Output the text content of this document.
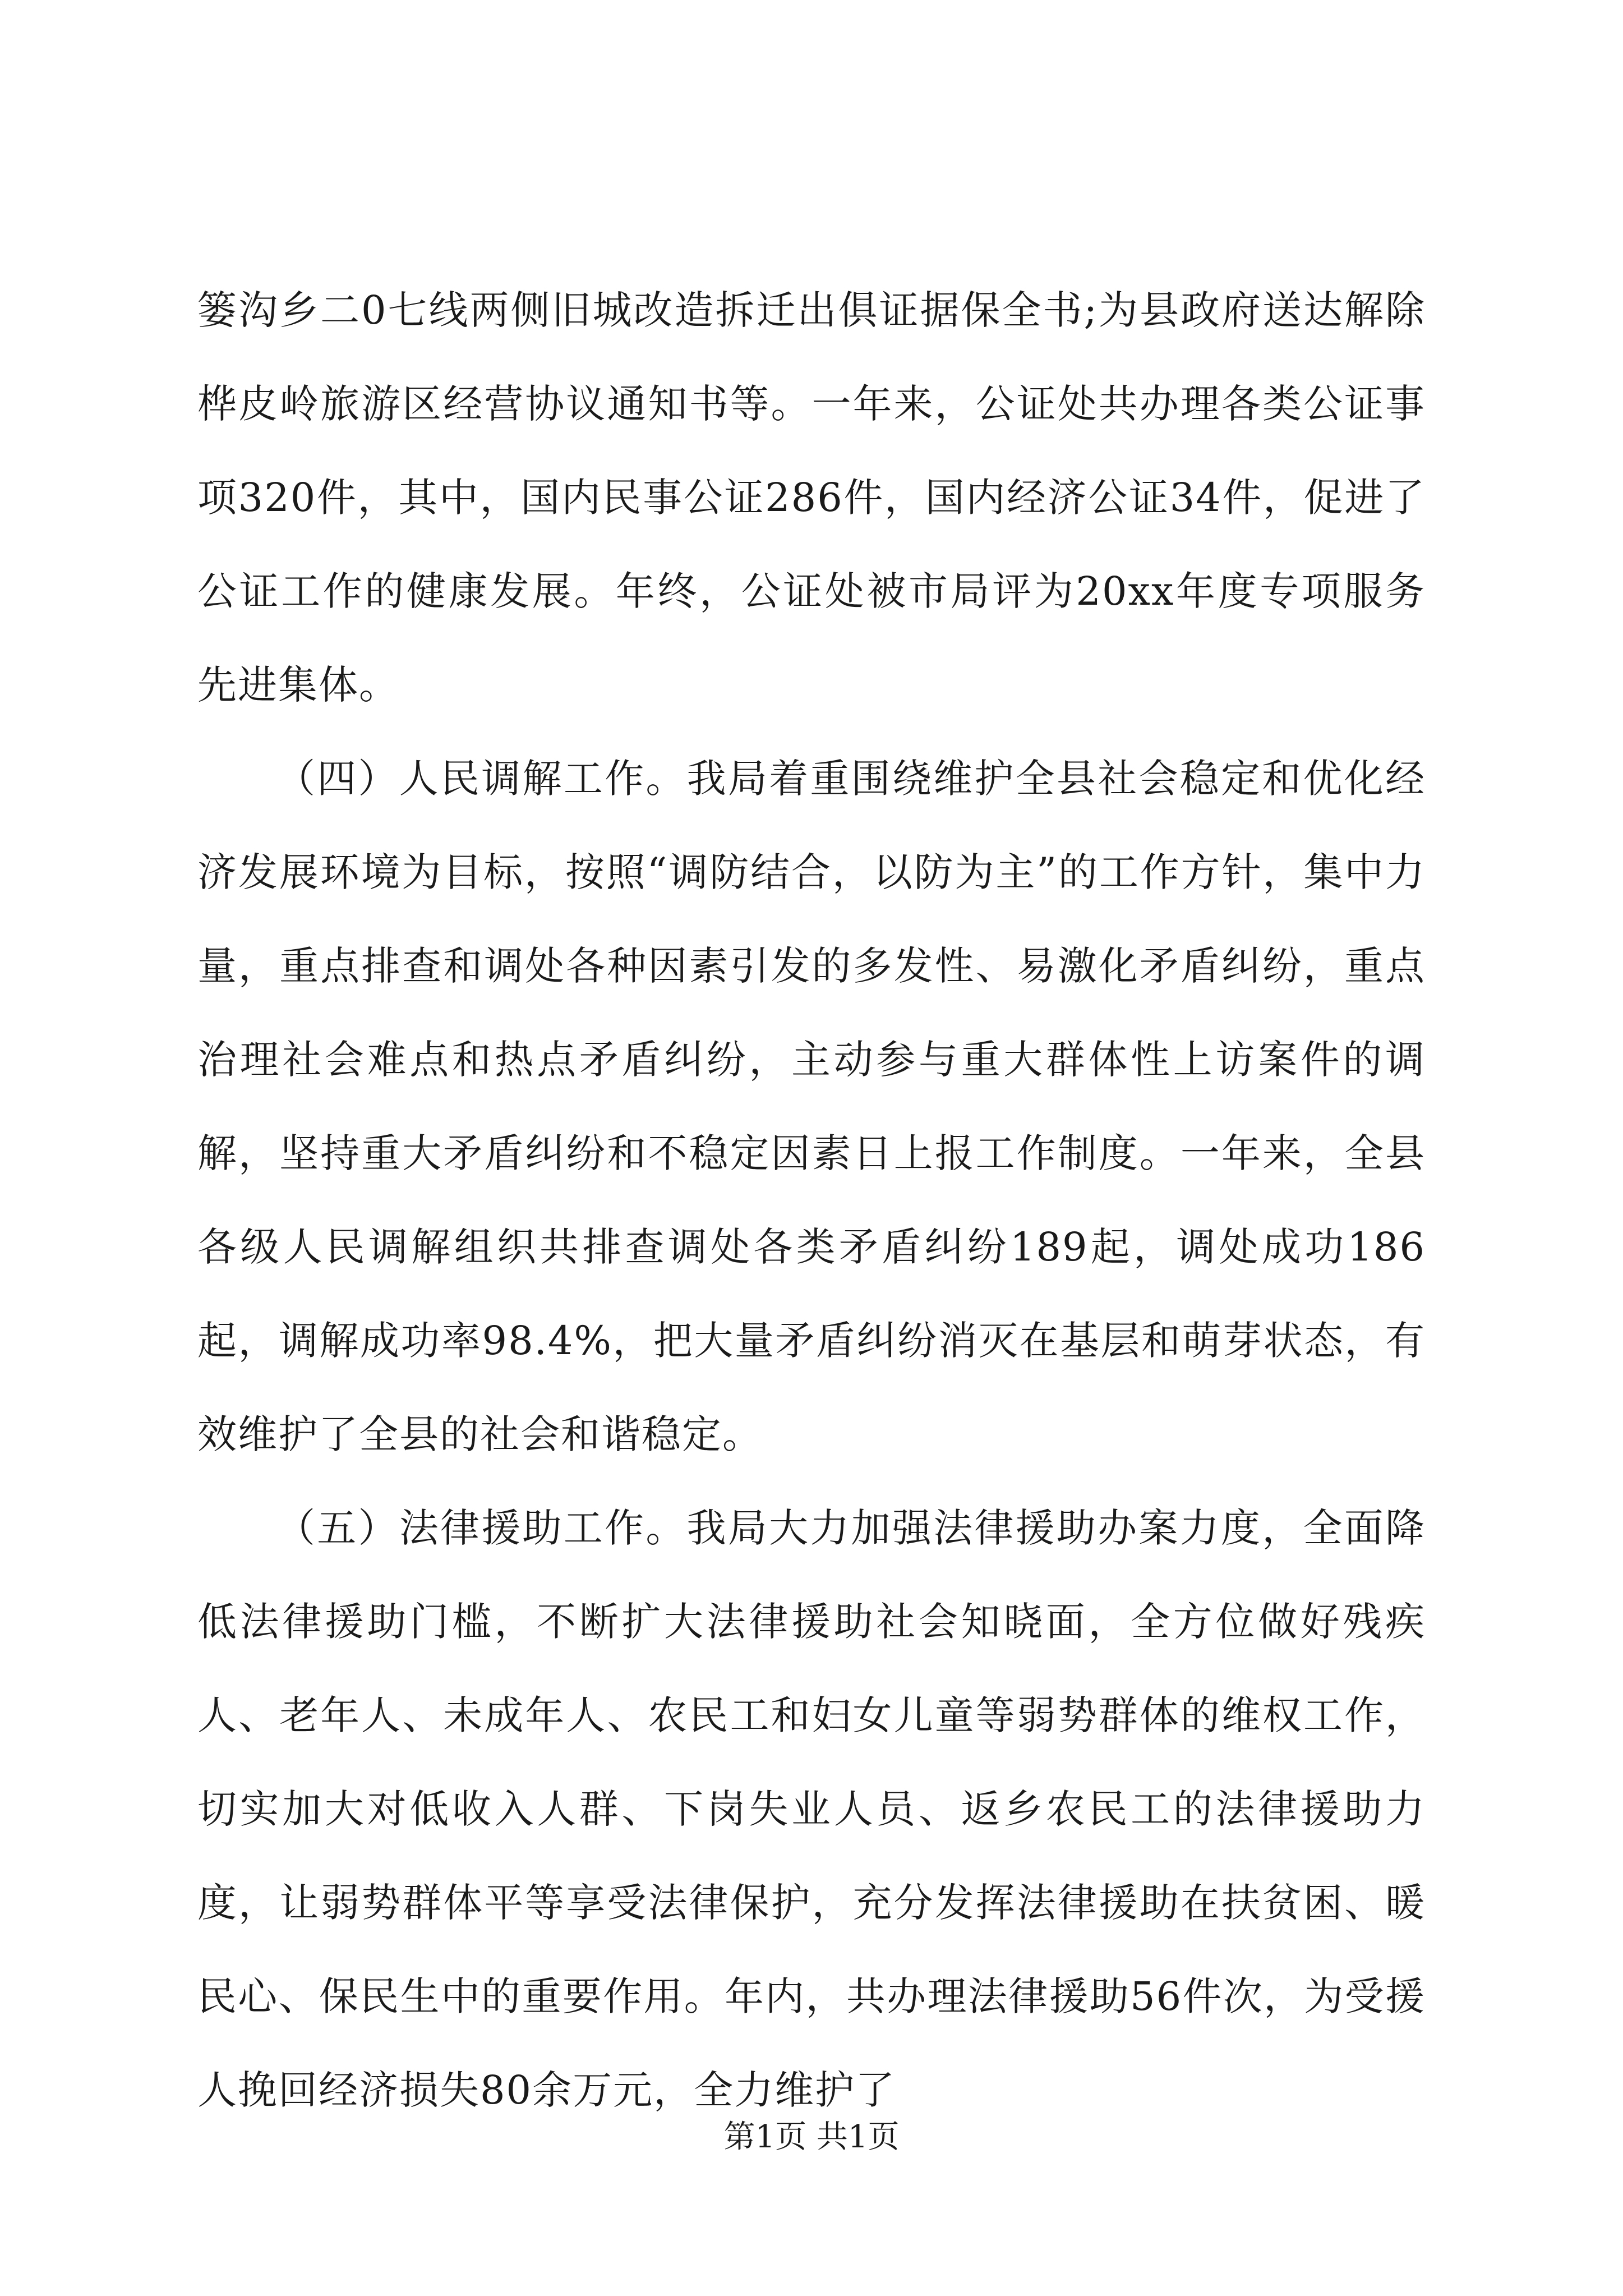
篓沟乡二0七线两侧旧城改造拆迁出俱证据保全书;为县政府送达解除桦皮岭旅游区经营协议通知书等。一年来，公证处共办理各类公证事项320件，其中，国内民事公证286件，国内经济公证34件，促进了公证工作的健康发展。年终，公证处被市局评为20xx年度专项服务先进集体。

（四）人民调解工作。我局着重围绕维护全县社会稳定和优化经济发展环境为目标，按照“调防结合，以防为主”的工作方针，集中力量，重点排查和调处各种因素引发的多发性、易激化矛盾纠纷，重点治理社会难点和热点矛盾纠纷，主动参与重大群体性上访案件的调解，坚持重大矛盾纠纷和不稳定因素日上报工作制度。一年来，全县各级人民调解组织共排查调处各类矛盾纠纷189起，调处成功186起，调解成功率98.4%，把大量矛盾纠纷消灭在基层和萌芽状态，有效维护了全县的社会和谐稳定。

（五）法律援助工作。我局大力加强法律援助办案力度，全面降低法律援助门槛，不断扩大法律援助社会知晓面，全方位做好残疾人、老年人、未成年人、农民工和妇女儿童等弱势群体的维权工作，切实加大对低收入人群、下岗失业人员、返乡农民工的法律援助力度，让弱势群体平等享受法律保护，充分发挥法律援助在扶贫困、暖民心、保民生中的重要作用。年内，共办理法律援助56件次，为受援人挽回经济损失80余万元，全力维护了

第1页 共1页
